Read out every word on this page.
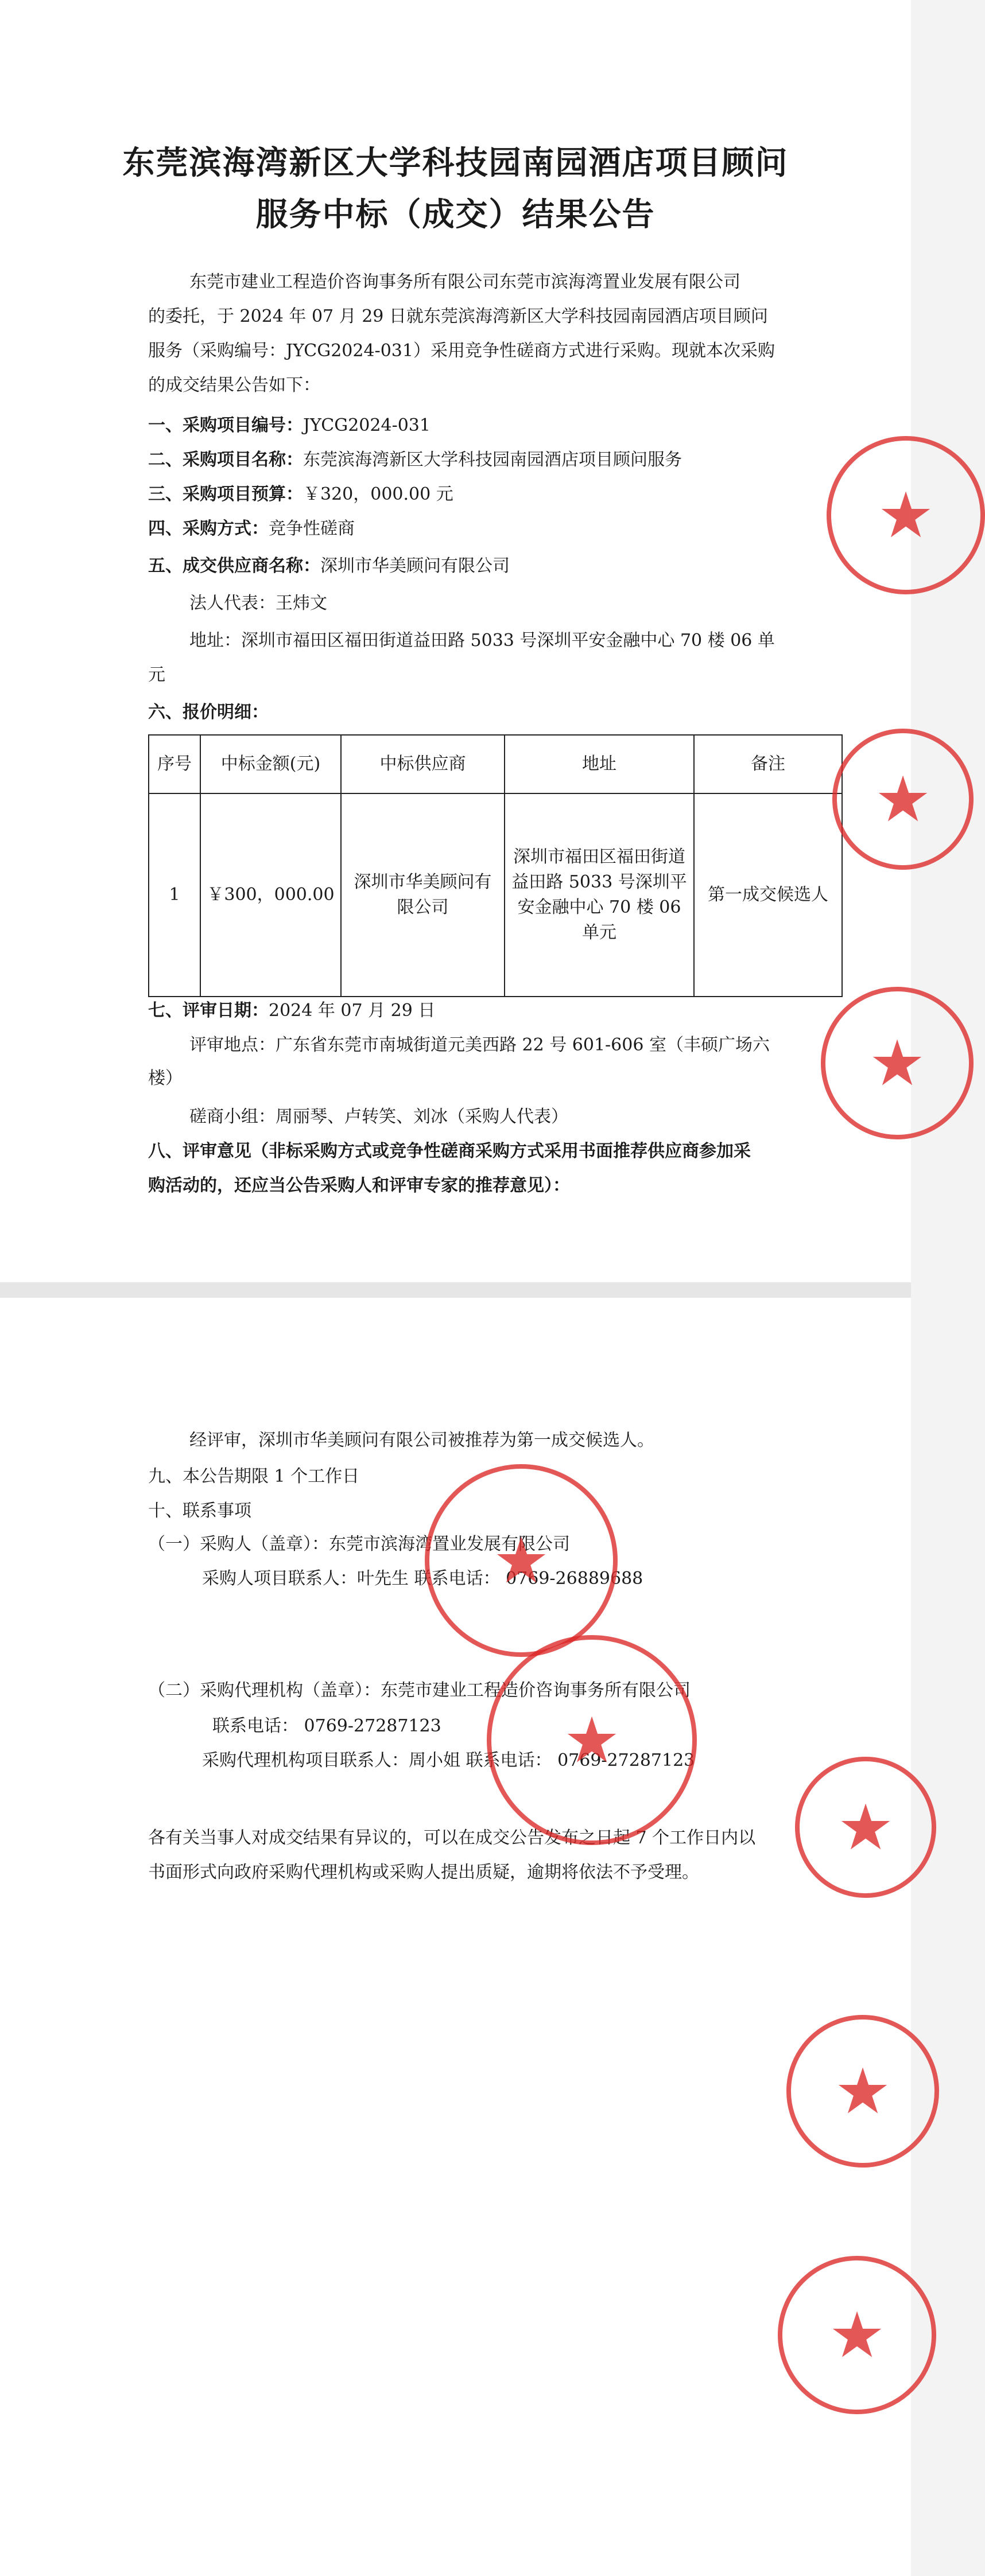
东莞滨海湾新区大学科技园南园酒店项目顾问
服务中标（成交）结果公告
东莞市建业工程造价咨询事务所有限公司东莞市滨海湾置业发展有限公司
的委托，于 2024 年 07 月 29 日就东莞滨海湾新区大学科技园南园酒店项目顾问
服务（采购编号：JYCG2024-031）采用竞争性磋商方式进行采购。现就本次采购
的成交结果公告如下：
一、采购项目编号：JYCG2024-031
二、采购项目名称：东莞滨海湾新区大学科技园南园酒店项目顾问服务
三、采购项目预算：￥320，000.00 元
四、采购方式：竞争性磋商
五、成交供应商名称：深圳市华美顾问有限公司
法人代表：王炜文
地址：深圳市福田区福田街道益田路 5033 号深圳平安金融中心 70 楼 06 单
元
六、报价明细：
序号	中标金额(元)	中标供应商	地址	备注
1	￥300，000.00	深圳市华美顾问有限公司	深圳市福田区福田街道益田路 5033 号深圳平安金融中心 70 楼 06 单元	第一成交候选人
七、评审日期：2024 年 07 月 29 日
评审地点：广东省东莞市南城街道元美西路 22 号 601-606 室（丰硕广场六
楼）
磋商小组：周丽琴、卢转笑、刘冰（采购人代表）
八、评审意见（非标采购方式或竞争性磋商采购方式采用书面推荐供应商参加采
购活动的，还应当公告采购人和评审专家的推荐意见）：
★
★
★
经评审，深圳市华美顾问有限公司被推荐为第一成交候选人。
九、本公告期限 1 个工作日
十、联系事项
（一）采购人（盖章）：东莞市滨海湾置业发展有限公司
采购人项目联系人：叶先生 联系电话： 0769-26889688
（二）采购代理机构（盖章）：东莞市建业工程造价咨询事务所有限公司
联系电话： 0769-27287123
采购代理机构项目联系人：周小姐 联系电话： 0769-27287123
各有关当事人对成交结果有异议的，可以在成交公告发布之日起 7 个工作日内以
书面形式向政府采购代理机构或采购人提出质疑，逾期将依法不予受理。
★
★
★
★
★
